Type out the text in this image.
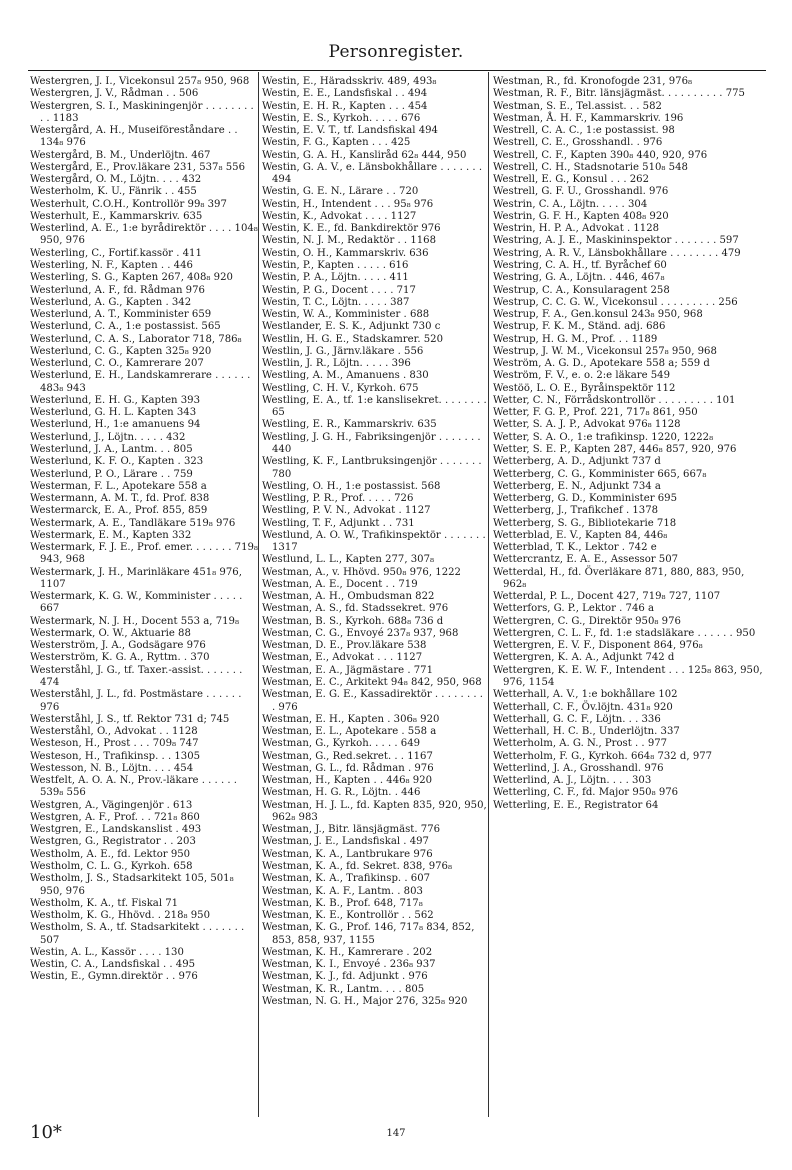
Personregister.
Westergren, J. I., Vicekonsul 257₈ 950, 968
Westergren, J. V., Rådman . . 506
Westergren, S. I., Maskiningenjör . . . . . . . . . . 1183
Westergård, A. H., Museiföreståndare . . 134₈ 976
Westergård, B. M., Underlöjtn. 467
Westergård, E., Prov.läkare 231, 537₈ 556
Westergård, O. M., Löjtn. . . . 432
Westerholm, K. U., Fänrik . . 455
Westerhult, C.O.H., Kontrollör 99₈ 397
Westerhult, E., Kammarskriv. 635
Westerlind, A. E., 1:e byrådirektör . . . . 104₈ 950, 976
Westerling, C., Fortif.kassör . 411
Westerling, N. F., Kapten . . 446
Westerling, S. G., Kapten 267, 408₈ 920
Westerlund, A. F., fd. Rådman 976
Westerlund, A. G., Kapten . 342
Westerlund, A. T., Komminister 659
Westerlund, C. A., 1:e postassist. 565
Westerlund, C. A. S., Laborator 718, 786₈
Westerlund, C. G., Kapten 325₈ 920
Westerlund, C. O., Kamrerare 207
Westerlund, E. H., Landskamrerare . . . . . . 483₈ 943
Westerlund, E. H. G., Kapten 393
Westerlund, G. H. L. Kapten 343
Westerlund, H., 1:e amanuens 94
Westerlund, J., Löjtn. . . . . 432
Westerlund, J. A., Lantm. . . 805
Westerlund, K. F. O., Kapten . 323
Westerlund, P. O., Lärare . . 759
Westerman, F. L., Apotekare 558 a
Westermann, A. M. T., fd. Prof. 838
Westermarck, E. A., Prof. 855, 859
Westermark, A. E., Tandläkare 519₈ 976
Westermark, E. M., Kapten 332
Westermark, F. J. E., Prof. emer. . . . . . . 719₈ 943, 968
Westermark, J. H., Marinläkare 451₈ 976, 1107
Westermark, K. G. W., Komminister . . . . . 667
Westermark, N. J. H., Docent 553 a, 719₈
Westermark, O. W., Aktuarie 88
Westerström, J. A., Godsägare 976
Westerström, K. G. A., Ryttm. . 370
Westerståhl, J. G., tf. Taxer.-assist. . . . . . . 474
Westerståhl, J. L., fd. Postmästare . . . . . . 976
Westerståhl, J. S., tf. Rektor 731 d; 745
Westerståhl, O., Advokat . . 1128
Westeson, H., Prost . . . 709₈ 747
Westeson, H., Trafikinsp. . . 1305
Westesson, N. B., Löjtn. . . . 454
Westfelt, A. O. A. N., Prov.-läkare . . . . . . 539₈ 556
Westgren, A., Vägingenjör . 613
Westgren, A. F., Prof. . . 721₈ 860
Westgren, E., Landskanslist . 493
Westgren, G., Registrator . . 203
Westholm, A. E., fd. Lektor 950
Westholm, C. L. G., Kyrkoh. 658
Westholm, J. S., Stadsarkitekt 105, 501₈ 950, 976
Westholm, K. A., tf. Fiskal 71
Westholm, K. G., Hhövd. . 218₈ 950
Westholm, S. A., tf. Stadsarkitekt . . . . . . . 507
Westin, A. L., Kassör . . . . 130
Westin, C. A., Landsfiskal . . 495
Westin, E., Gymn.direktör . . 976
Westin, E., Häradsskriv. 489, 493₈
Westin, E. E., Landsfiskal . . 494
Westin, E. H. R., Kapten . . . 454
Westin, E. S., Kyrkoh. . . . . 676
Westin, E. V. T., tf. Landsfiskal 494
Westin, F. G., Kapten . . . 425
Westin, G. A. H., Kansliråd 62₈ 444, 950
Westin, G. A. V., e. Länsbokhållare . . . . . . . 494
Westin, G. E. N., Lärare . . 720
Westin, H., Intendent . . . 95₈ 976
Westin, K., Advokat . . . . 1127
Westin, K. E., fd. Bankdirektör 976
Westin, N. J. M., Redaktör . . 1168
Westin, O. H., Kammarskriv. 636
Westin, P., Kapten . . . . . 616
Westin, P. A., Löjtn. . . . . 411
Westin, P. G., Docent . . . . 717
Westin, T. C., Löjtn. . . . . 387
Westin, W. A., Komminister . 688
Westlander, E. S. K., Adjunkt 730 c
Westlin, H. G. E., Stadskamrer. 520
Westlin, J. G., Järnv.läkare . 556
Westlin, J. R., Löjtn. . . . . 396
Westling, A. M., Amanuens . 830
Westling, C. H. V., Kyrkoh. 675
Westling, E. A., tf. 1:e kanslisekret. . . . . . . . 65
Westling, E. R., Kammarskriv. 635
Westling, J. G. H., Fabriksingenjör . . . . . . . 440
Westling, K. F., Lantbruksingenjör . . . . . . . 780
Westling, O. H., 1:e postassist. 568
Westling, P. R., Prof. . . . . 726
Westling, P. V. N., Advokat . 1127
Westling, T. F., Adjunkt . . 731
Westlund, A. O. W., Trafikinspektör . . . . . . . 1317
Westlund, L. L., Kapten 277, 307₈
Westman, A., v. Hhövd. 950₈ 976, 1222
Westman, A. E., Docent . . 719
Westman, A. H., Ombudsman 822
Westman, A. S., fd. Stadssekret. 976
Westman, B. S., Kyrkoh. 688₈ 736 d
Westman, C. G., Envoyé 237₈ 937, 968
Westman, D. E., Prov.läkare 538
Westman, E., Advokat . . . 1127
Westman, E. A., Jägmästare . 771
Westman, E. C., Arkitekt 94₈ 842, 950, 968
Westman, E. G. E., Kassadirektör . . . . . . . . . 976
Westman, E. H., Kapten . 306₈ 920
Westman, E. L., Apotekare . 558 a
Westman, G., Kyrkoh. . . . . 649
Westman, G., Red.sekret. . . 1167
Westman, G. L., fd. Rådman . 976
Westman, H., Kapten . . 446₈ 920
Westman, H. G. R., Löjtn. . 446
Westman, H. J. L., fd. Kapten 835, 920, 950, 962₈ 983
Westman, J., Bitr. länsjägmäst. 776
Westman, J. E., Landsfiskal . 497
Westman, K. A., Lantbrukare 976
Westman, K. A., fd. Sekret. 838, 976₈
Westman, K. A., Trafikinsp. . 607
Westman, K. A. F., Lantm. . 803
Westman, K. B., Prof. 648, 717₈
Westman, K. E., Kontrollör . . 562
Westman, K. G., Prof. 146, 717₈ 834, 852, 853, 858, 937, 1155
Westman, K. H., Kamrerare . 202
Westman, K. I., Envoyé . 236₈ 937
Westman, K. J., fd. Adjunkt . 976
Westman, K. R., Lantm. . . . 805
Westman, N. G. H., Major 276, 325₈ 920
Westman, R., fd. Kronofogde 231, 976₈
Westman, R. F., Bitr. länsjägmäst. . . . . . . . . . 775
Westman, S. E., Tel.assist. . . 582
Westman, Å. H. F., Kammarskriv. 196
Westrell, C. A. C., 1:e postassist. 98
Westrell, C. E., Grosshandl. . 976
Westrell, C. F., Kapten 390₈ 440, 920, 976
Westrell, C. H., Stadsnotarie 510₈ 548
Westrell, E. G., Konsul . . . 262
Westrell, G. F. U., Grosshandl. 976
Westrin, C. A., Löjtn. . . . . 304
Westrin, G. F. H., Kapten 408₈ 920
Westrin, H. P. A., Advokat . 1128
Westring, A. J. E., Maskininspektor . . . . . . . 597
Westring, A. R. V., Länsbokhållare . . . . . . . . 479
Westring, C. A. H., tf. Byråchef 60
Westring, G. A., Löjtn. . 446, 467₈
Westrup, C. A., Konsularagent 258
Westrup, C. C. G. W., Vicekonsul . . . . . . . . . 256
Westrup, F. A., Gen.konsul 243₈ 950, 968
Westrup, F. K. M., Ständ. adj. 686
Westrup, H. G. M., Prof. . . 1189
Westrup, J. W. M., Vicekonsul 257₈ 950, 968
Weström, A. G. D., Apotekare 558 a; 559 d
Weström, F. V., e. o. 2:e läkare 549
Westöö, L. O. E., Byråinspektör 112
Wetter, C. N., Förrådskontrollör . . . . . . . . . 101
Wetter, F. G. P., Prof. 221, 717₈ 861, 950
Wetter, S. A. J. P., Advokat 976₈ 1128
Wetter, S. A. O., 1:e trafikinsp. 1220, 1222₈
Wetter, S. E. P., Kapten 287, 446₈ 857, 920, 976
Wetterberg, A. D., Adjunkt 737 d
Wetterberg, C. G., Komminister 665, 667₈
Wetterberg, E. N., Adjunkt 734 a
Wetterberg, G. D., Komminister 695
Wetterberg, J., Trafikchef . 1378
Wetterberg, S. G., Bibliotekarie 718
Wetterblad, E. V., Kapten 84, 446₈
Wetterblad, T. K., Lektor . 742 e
Wettercrantz, E. A. E., Assessor 507
Wetterdal, H., fd. Överläkare 871, 880, 883, 950, 962₈
Wetterdal, P. L., Docent 427, 719₈ 727, 1107
Wetterfors, G. P., Lektor . 746 a
Wettergren, C. G., Direktör 950₈ 976
Wettergren, C. L. F., fd. 1:e stadsläkare . . . . . . 950
Wettergren, E. V. F., Disponent 864, 976₈
Wettergren, K. A. A., Adjunkt 742 d
Wettergren, K. E. W. F., Intendent . . . 125₈ 863, 950, 976, 1154
Wetterhall, A. V., 1:e bokhållare 102
Wetterhall, C. F., Öv.löjtn. 431₈ 920
Wetterhall, G. C. F., Löjtn. . . 336
Wetterhall, H. C. B., Underlöjtn. 337
Wetterholm, A. G. N., Prost . . 977
Wetterholm, F. G., Kyrkoh. 664₈ 732 d, 977
Wetterlind, J. A., Grosshandl. 976
Wetterlind, A. J., Löjtn. . . . 303
Wetterling, C. F., fd. Major 950₈ 976
Wetterling, E. E., Registrator 64
10*	147
